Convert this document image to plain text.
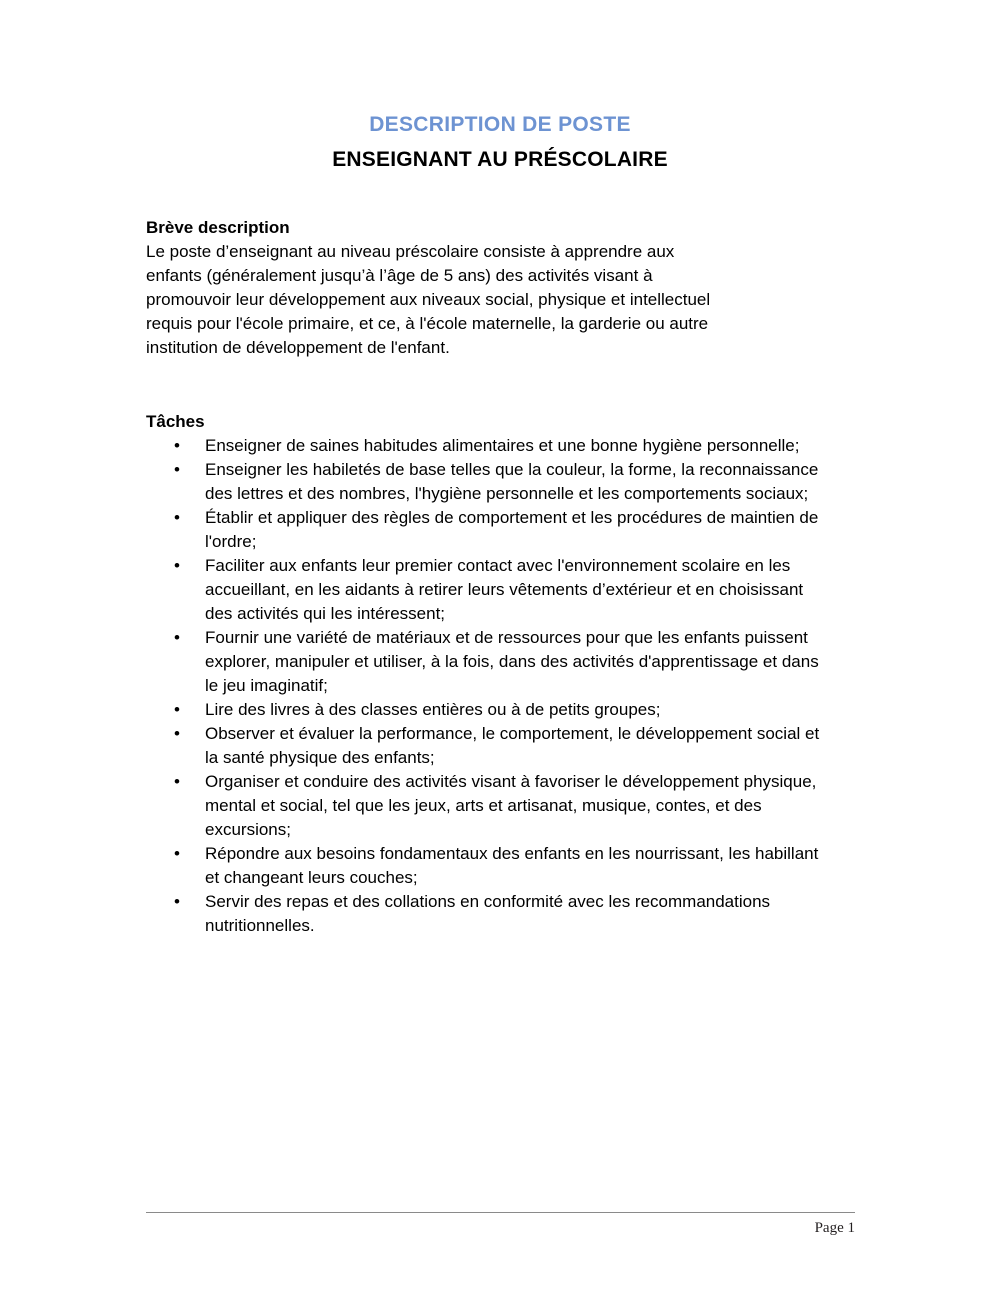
DESCRIPTION DE POSTE
ENSEIGNANT AU PRÉSCOLAIRE
Brève description

Le poste d’enseignant au niveau préscolaire consiste à apprendre aux enfants (généralement jusqu’à l’âge de 5 ans) des activités visant à promouvoir leur développement aux niveaux social, physique et intellectuel requis pour l'école primaire, et ce, à l'école maternelle, la garderie ou autre institution de développement de l'enfant.

Tâches
• Enseigner de saines habitudes alimentaires et une bonne hygiène personnelle;
• Enseigner les habiletés de base telles que la couleur, la forme, la reconnaissance des lettres et des nombres, l'hygiène personnelle et les comportements sociaux;
• Établir et appliquer des règles de comportement et les procédures de maintien de l'ordre;
• Faciliter aux enfants leur premier contact avec l'environnement scolaire en les accueillant, en les aidants à retirer leurs vêtements d’extérieur et en choisissant des activités qui les intéressent;
• Fournir une variété de matériaux et de ressources pour que les enfants puissent explorer, manipuler et utiliser, à la fois, dans des activités d'apprentissage et dans le jeu imaginatif;
• Lire des livres à des classes entières ou à de petits groupes;
• Observer et évaluer la performance, le comportement, le développement social et la santé physique des enfants;
• Organiser et conduire des activités visant à favoriser le développement physique, mental et social, tel que les jeux, arts et artisanat, musique, contes, et des excursions;
• Répondre aux besoins fondamentaux des enfants en les nourrissant, les habillant et changeant leurs couches;
• Servir des repas et des collations en conformité avec les recommandations nutritionnelles.
Page 1
